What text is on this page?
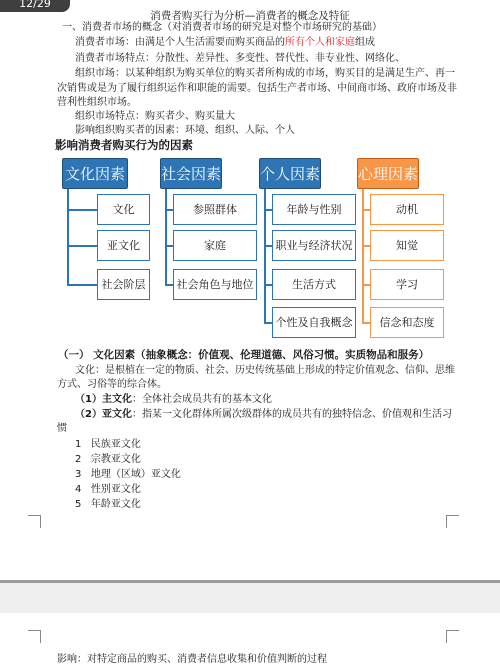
12/29
消费者购买行为分析—消费者的概念及特征
一、消费者市场的概念（对消费者市场的研究是对整个市场研究的基础）
消费者市场：由满足个人生活需要而购买商品的所有个人和家庭组成
消费者市场特点：分散性、差异性、多变性、替代性、非专业性、网络化、
组织市场：以某种组织为购买单位的购买者所构成的市场，购买目的是满足生产、再一
次销售或是为了履行组织运作和职能的需要。包括生产者市场、中间商市场、政府市场及非
营利性组织市场。
组织市场特点：购买者少、购买量大
影响组织购买者的因素：环境、组织、人际、个人
影响消费者购买行为的因素
文化因素
文化
亚文化
社会阶层
社会因素
参照群体
家庭
社会角色与地位
个人因素
年龄与性别
职业与经济状况
生活方式
个性及自我概念
心理因素
动机
知觉
学习
信念和态度
（一） 文化因素（抽象概念：价值观、伦理道德、风俗习惯。实质物品和服务）
文化：是根植在一定的物质、社会、历史传统基础上形成的特定价值观念、信仰、思维
方式、习俗等的综合体。
（1）主文化：全体社会成员共有的基本文化
（2）亚文化：指某一文化群体所属次级群体的成员共有的独特信念、价值观和生活习
惯
1 民族亚文化
2 宗教亚文化
3 地理（区域）亚文化
4 性别亚文化
5 年龄亚文化
影响：对特定商品的购买、消费者信息收集和价值判断的过程
